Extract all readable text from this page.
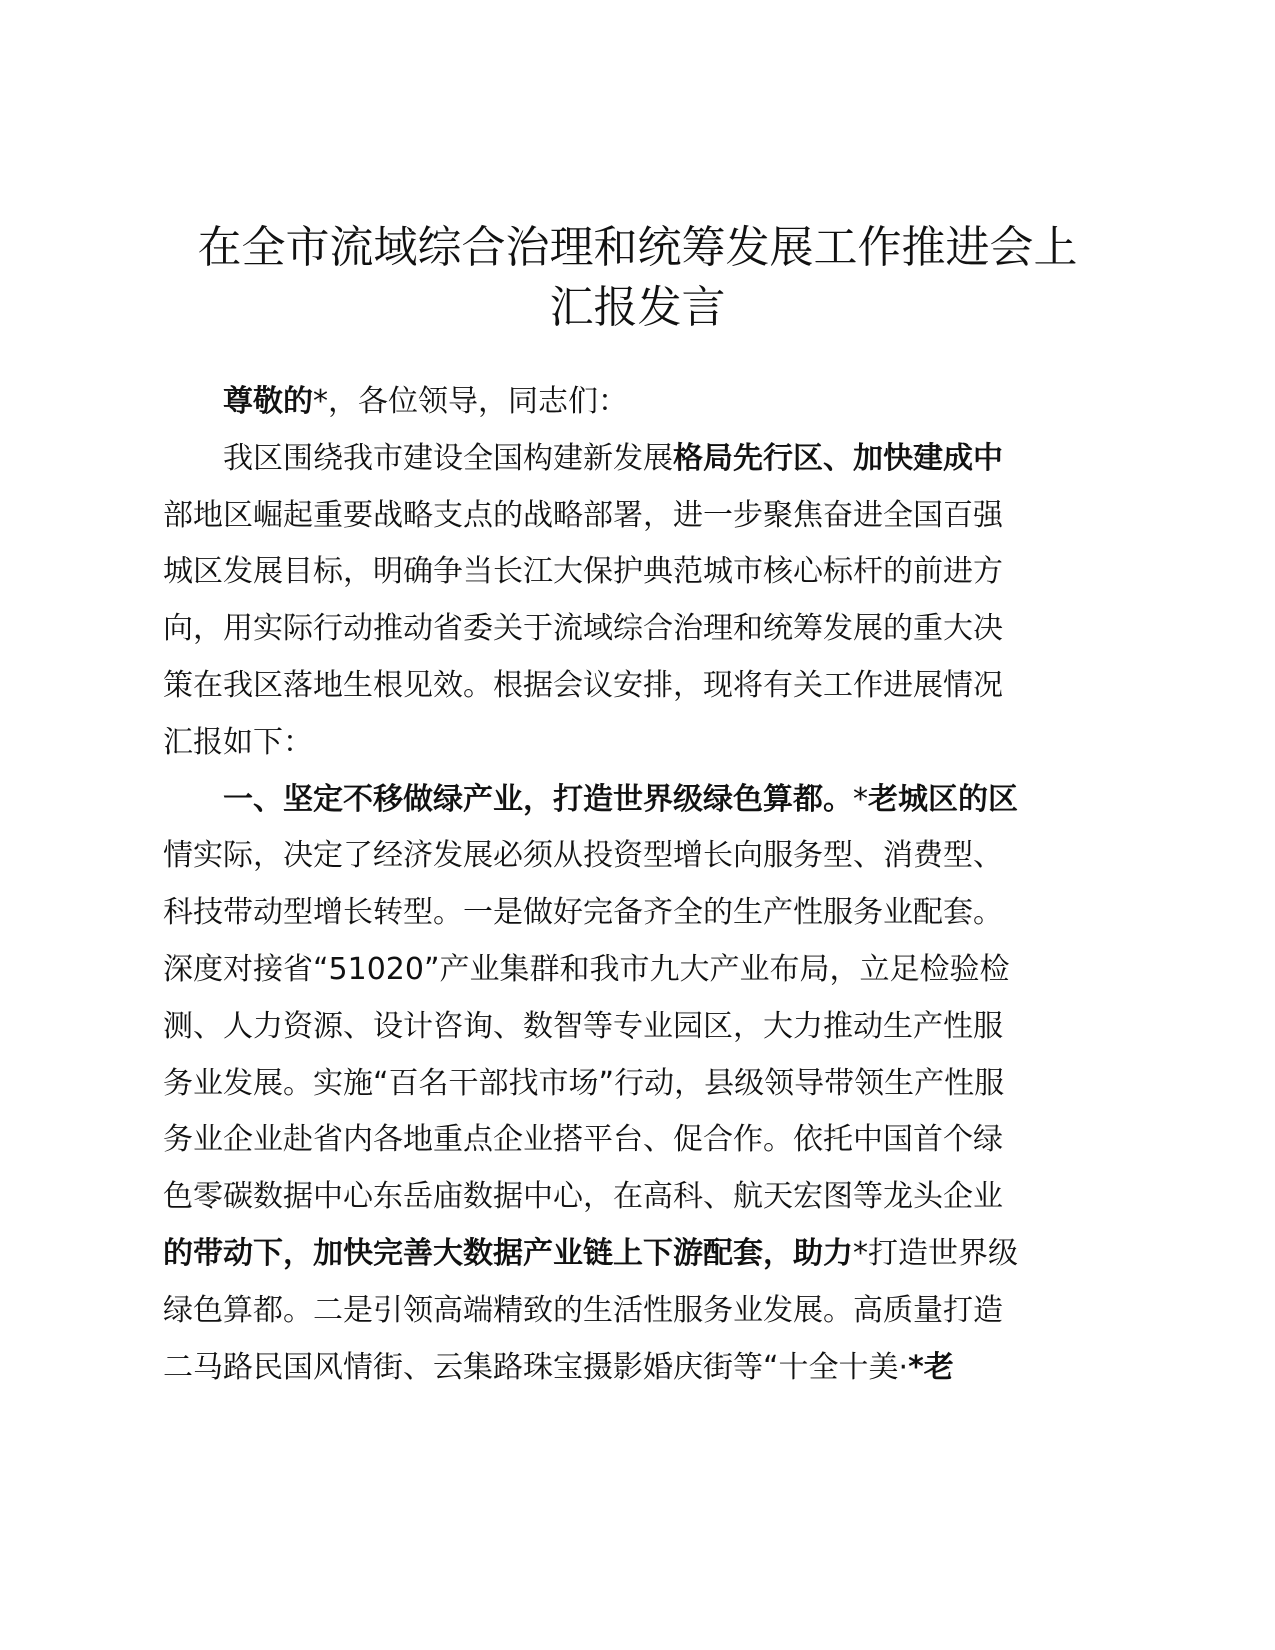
在全市流域综合治理和统筹发展工作推进会上
汇报发言
尊敬的*，各位领导，同志们：
我区围绕我市建设全国构建新发展格局先行区、加快建成中
部地区崛起重要战略支点的战略部署，进一步聚焦奋进全国百强
城区发展目标，明确争当长江大保护典范城市核心标杆的前进方
向，用实际行动推动省委关于流域综合治理和统筹发展的重大决
策在我区落地生根见效。根据会议安排，现将有关工作进展情况
汇报如下：
一、坚定不移做绿产业，打造世界级绿色算都。*老城区的区
情实际，决定了经济发展必须从投资型增长向服务型、消费型、
科技带动型增长转型。一是做好完备齐全的生产性服务业配套。
深度对接省“51020”产业集群和我市九大产业布局，立足检验检
测、人力资源、设计咨询、数智等专业园区，大力推动生产性服
务业发展。实施“百名干部找市场”行动，县级领导带领生产性服
务业企业赴省内各地重点企业搭平台、促合作。依托中国首个绿
色零碳数据中心东岳庙数据中心，在高科、航天宏图等龙头企业
的带动下，加快完善大数据产业链上下游配套，助力*打造世界级
绿色算都。二是引领高端精致的生活性服务业发展。高质量打造
二马路民国风情街、云集路珠宝摄影婚庆街等“十全十美·*老
